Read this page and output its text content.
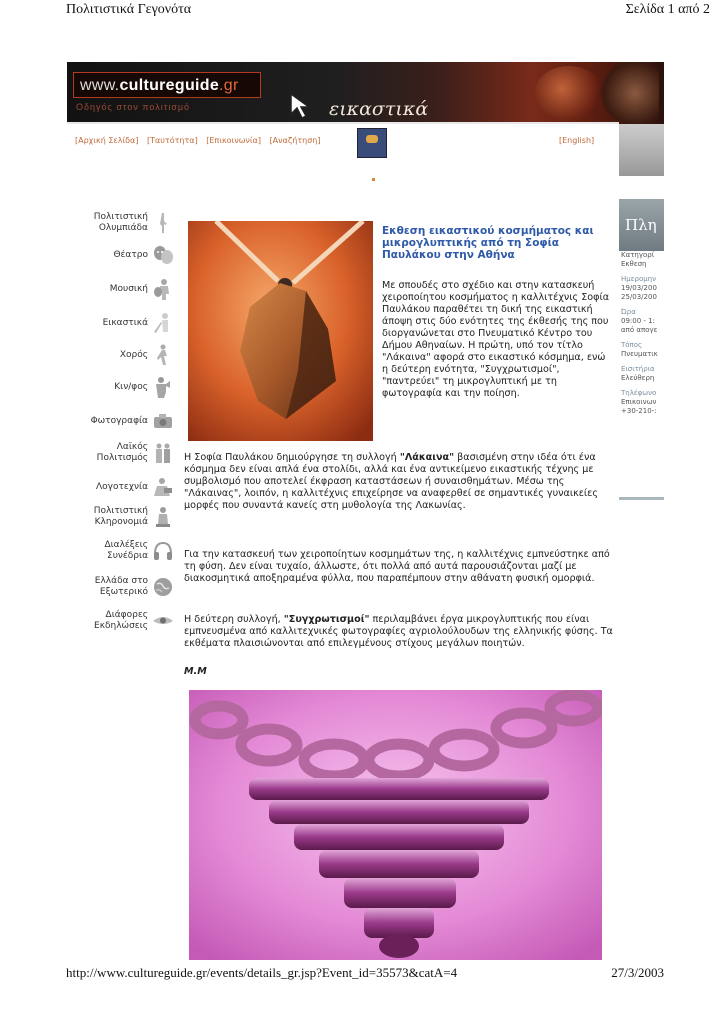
Πολιτιστικά Γεγονότα	Σελίδα 1 από 2
www.cultureguide.gr
Οδηγός στον πολιτισμό	εικαστικά
[Αρχική Σελίδα] [Ταυτότητα] [Επικοινωνία] [Αναζήτηση]	[English]
Πολιτιστική Ολυμπιάδα
Θέατρο
Μουσική
Εικαστικά
Χορός
Κιν/φος
Φωτογραφία
Λαϊκός Πολιτισμός
Λογοτεχνία
Πολιτιστική Κληρονομιά
Διαλέξεις Συνέδρια
Ελλάδα στο Εξωτερικό
Διάφορες Εκδηλώσεις
Εκθεση εικαστικού κοσμήματος και μικρογλυπτικής από τη Σοφία Παυλάκου στην Αθήνα
Με σπουδές στο σχέδιο και στην κατασκευή χειροποίητου κοσμήματος η καλλιτέχνις Σοφία Παυλάκου παραθέτει τη δική της εικαστική άποψη στις δύο ενότητες της έκθεσής της που διοργανώνεται στο Πνευματικό Κέντρο του Δήμου Αθηναίων. Η πρώτη, υπό τον τίτλο "Λάκαινα" αφορά στο εικαστικό κόσμημα, ενώ η δεύτερη ενότητα, "Συγχρωτισμοί", "παντρεύει" τη μικρογλυπτική με τη φωτογραφία και την ποίηση.
Η Σοφία Παυλάκου δημιούργησε τη συλλογή "Λάκαινα" βασισμένη στην ιδέα ότι ένα κόσμημα δεν είναι απλά ένα στολίδι, αλλά και ένα αντικείμενο εικαστικής τέχνης με συμβολισμό που αποτελεί έκφραση καταστάσεων ή συναισθημάτων. Μέσω της "Λάκαινας", λοιπόν, η καλλιτέχνις επιχείρησε να αναφερθεί σε σημαντικές γυναικείες μορφές που συναντά κανείς στη μυθολογία της Λακωνίας.
Για την κατασκευή των χειροποίητων κοσμημάτων της, η καλλιτέχνις εμπνεύστηκε από τη φύση. Δεν είναι τυχαίο, άλλωστε, ότι πολλά από αυτά παρουσιάζονται μαζί με διακοσμητικά αποξηραμένα φύλλα, που παραπέμπουν στην αθάνατη φυσική ομορφιά.
Η δεύτερη συλλογή, "Συγχρωτισμοί" περιλαμβάνει έργα μικρογλυπτικής που είναι εμπνευσμένα από καλλιτεχνικές φωτογραφίες αγριολούλουδων της ελληνικής φύσης. Τα εκθέματα πλαισιώνονται από επιλεγμένους στίχους μεγάλων ποιητών.
Μ.Μ
Πλη
Κατηγορί
Εκθεση
Ημερομην
19/03/200
25/03/200
Ώρα
09:00 - 1:
από απογε
Τόπος
Πνευματικ
Εισιτήρια
Ελεύθερη
Τηλέφωνο
Επικοινων
+30-210-:
http://www.cultureguide.gr/events/details_gr.jsp?Event_id=35573&catA=4	27/3/2003
